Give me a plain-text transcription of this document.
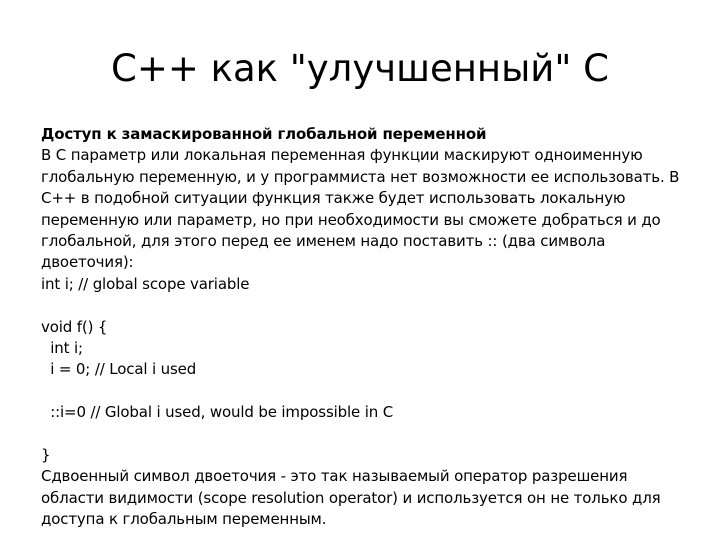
C++ как "улучшенный" С
Доступ к замаскированной глобальной переменной
В С параметр или локальная переменная функции маскируют одноименную
глобальную переменную, и у программиста нет возможности ее использовать. В
С++ в подобной ситуации функция также будет использовать локальную
переменную или параметр, но при необходимости вы сможете добраться и до
глобальной, для этого перед ее именем надо поставить :: (два символа
двоеточия):
int i; // global scope variable
void f() {
int i;
i = 0; // Local i used
::i=0 // Global i used, would be impossible in C
}
Сдвоенный символ двоеточия - это так называемый оператор разрешения
области видимости (scope resolution operator) и используется он не только для
доступа к глобальным переменным.
